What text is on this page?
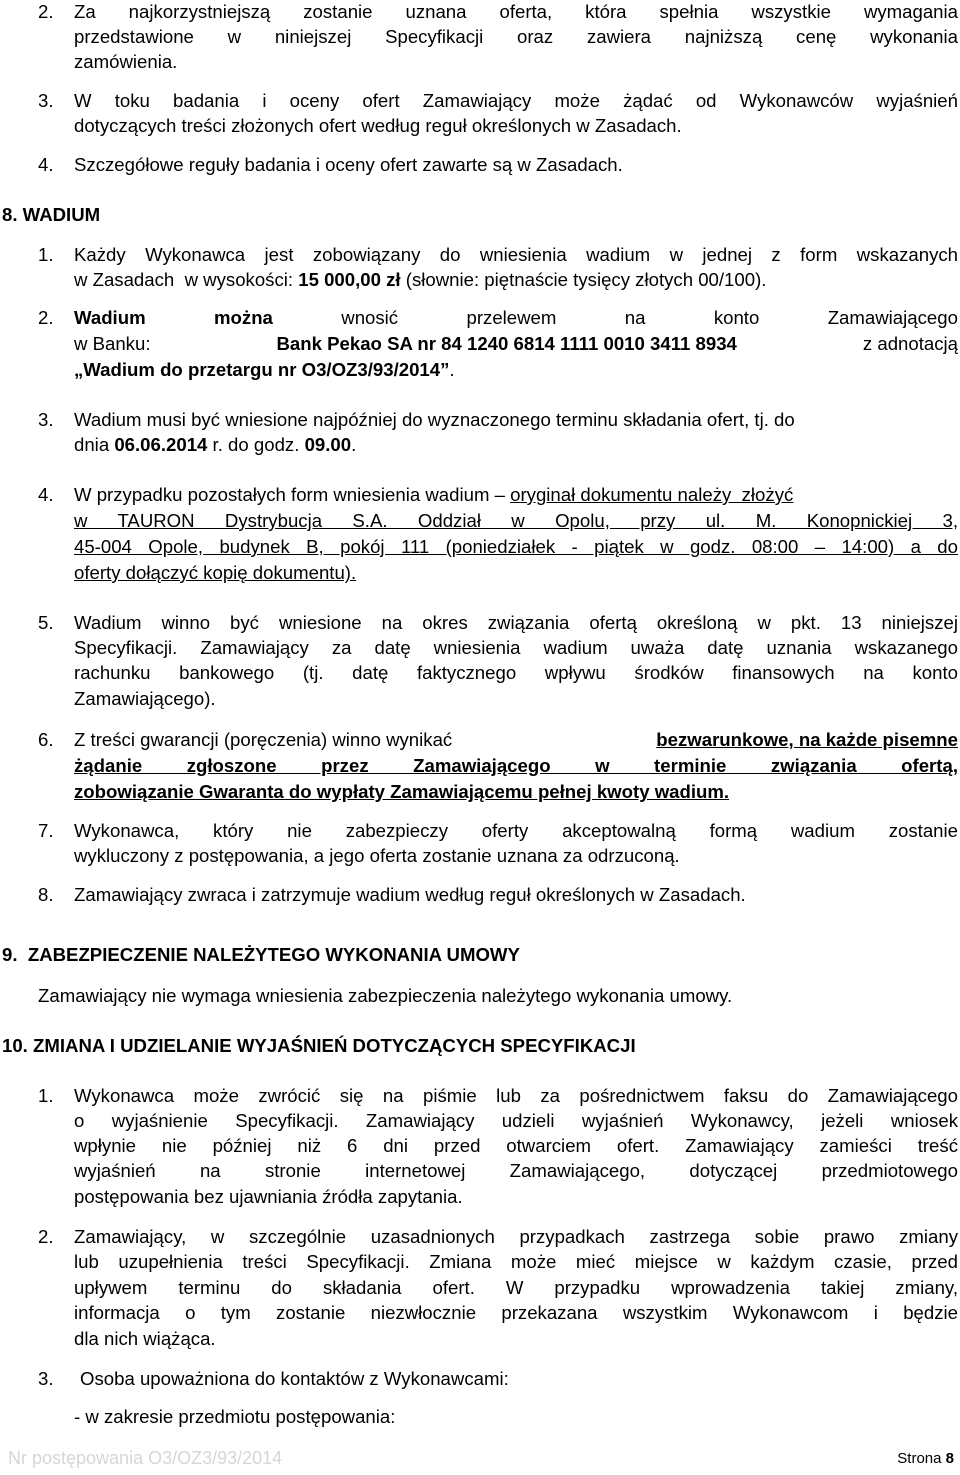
2. Za najkorzystniejszą zostanie uznana oferta, która spełnia wszystkie wymagania
przedstawione w niniejszej Specyfikacji oraz zawiera najniższą cenę wykonania
zamówienia.
3. W toku badania i oceny ofert Zamawiający może żądać od Wykonawców wyjaśnień
dotyczących treści złożonych ofert według reguł określonych w Zasadach.
4. Szczegółowe reguły badania i oceny ofert zawarte są w Zasadach.
8. WADIUM
1. Każdy Wykonawca jest zobowiązany do wniesienia wadium w jednej z form wskazanych
w Zasadach  w wysokości: 15 000,00 zł (słownie: piętnaście tysięcy złotych 00/100).
2. Wadium	można	wnosić	przelewem	na	konto	Zamawiającego
w Banku:	Bank Pekao SA nr 84 1240 6814 1111 0010 3411 8934	z adnotacją
„Wadium do przetargu nr O3/OZ3/93/2014”.
3. Wadium musi być wniesione najpóźniej do wyznaczonego terminu składania ofert, tj. do
dnia 06.06.2014 r. do godz. 09.00.
4. W przypadku pozostałych form wniesienia wadium – oryginał dokumentu należy  złożyć
w TAURON Dystrybucja S.A. Oddział w Opolu, przy ul. M. Konopnickiej 3,
45-004 Opole, budynek B, pokój 111 (poniedziałek - piątek w godz. 08:00 – 14:00) a do
oferty dołączyć kopię dokumentu).
5. Wadium winno być wniesione na okres związania ofertą określoną w pkt. 13 niniejszej
Specyfikacji. Zamawiający za datę wniesienia wadium uważa datę uznania wskazanego
rachunku bankowego (tj. datę faktycznego wpływu środków finansowych na konto
Zamawiającego).
6. Z treści gwarancji (poręczenia) winno wynikać	bezwarunkowe, na każde pisemne
żądanie zgłoszone przez Zamawiającego w terminie związania ofertą,
zobowiązanie Gwaranta do wypłaty Zamawiającemu pełnej kwoty wadium.
7. Wykonawca, który nie zabezpieczy oferty akceptowalną formą wadium zostanie
wykluczony z postępowania, a jego oferta zostanie uznana za odrzuconą.
8. Zamawiający zwraca i zatrzymuje wadium według reguł określonych w Zasadach.
9.  ZABEZPIECZENIE NALEŻYTEGO WYKONANIA UMOWY
Zamawiający nie wymaga wniesienia zabezpieczenia należytego wykonania umowy.
10. ZMIANA I UDZIELANIE WYJAŚNIEŃ DOTYCZĄCYCH SPECYFIKACJI
1. Wykonawca może zwrócić się na piśmie lub za pośrednictwem faksu do Zamawiającego
o wyjaśnienie Specyfikacji. Zamawiający udzieli wyjaśnień Wykonawcy, jeżeli wniosek
wpłynie nie później niż 6 dni przed otwarciem ofert. Zamawiający zamieści treść
wyjaśnień na stronie internetowej Zamawiającego, dotyczącej przedmiotowego
postępowania bez ujawniania źródła zapytania.
2. Zamawiający, w szczególnie uzasadnionych przypadkach zastrzega sobie prawo zmiany
lub uzupełnienia treści Specyfikacji. Zmiana może mieć miejsce w każdym czasie, przed
upływem terminu do składania ofert. W przypadku wprowadzenia takiej zmiany,
informacja o tym zostanie niezwłocznie przekazana wszystkim Wykonawcom i będzie
dla nich wiążąca.
3. Osoba upoważniona do kontaktów z Wykonawcami:
- w zakresie przedmiotu postępowania:
Nr postępowania O3/OZ3/93/2014	Strona 8
